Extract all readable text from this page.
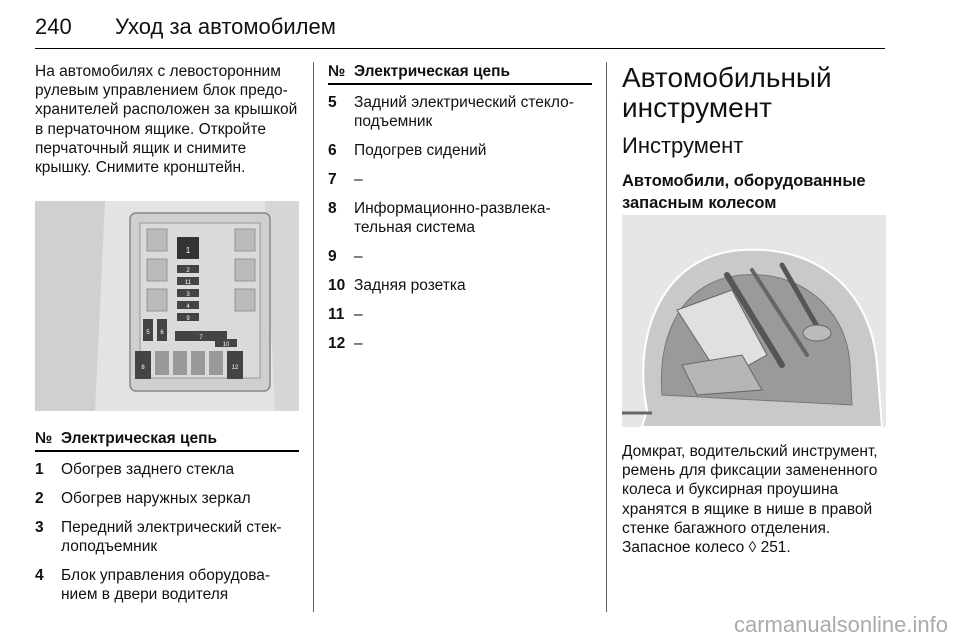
240 Уход за автомобилем

На автомобилях с левосторонним рулевым управлением блок предохранителей расположен за крышкой в перчаточном ящике. Откройте перчаточный ящик и снимите крышку. Снимите кронштейн.

1
2
11
3
4
9
5 6
7
10
8	12
№	Электрическая цепь
1	Обогрев заднего стекла
2	Обогрев наружных зеркал
3	Передний электрический стеклоподъемник
4	Блок управления оборудованием в двери водителя
№	Электрическая цепь
5	Задний электрический стеклоподъемник
6	Подогрев сидений
7	–
8	Информационно-развлекательная система
9	–
10	Задняя розетка
11	–
12	–
Автомобильный инструмент
Инструмент
Автомобили, оборудованные запасным колесом

Домкрат, водительский инструмент, ремень для фиксации замененного колеса и буксирная проушина хранятся в ящике в нише в правой стенке багажного отделения. Запасное колесо ◊ 251.

carmanualsonline.info
